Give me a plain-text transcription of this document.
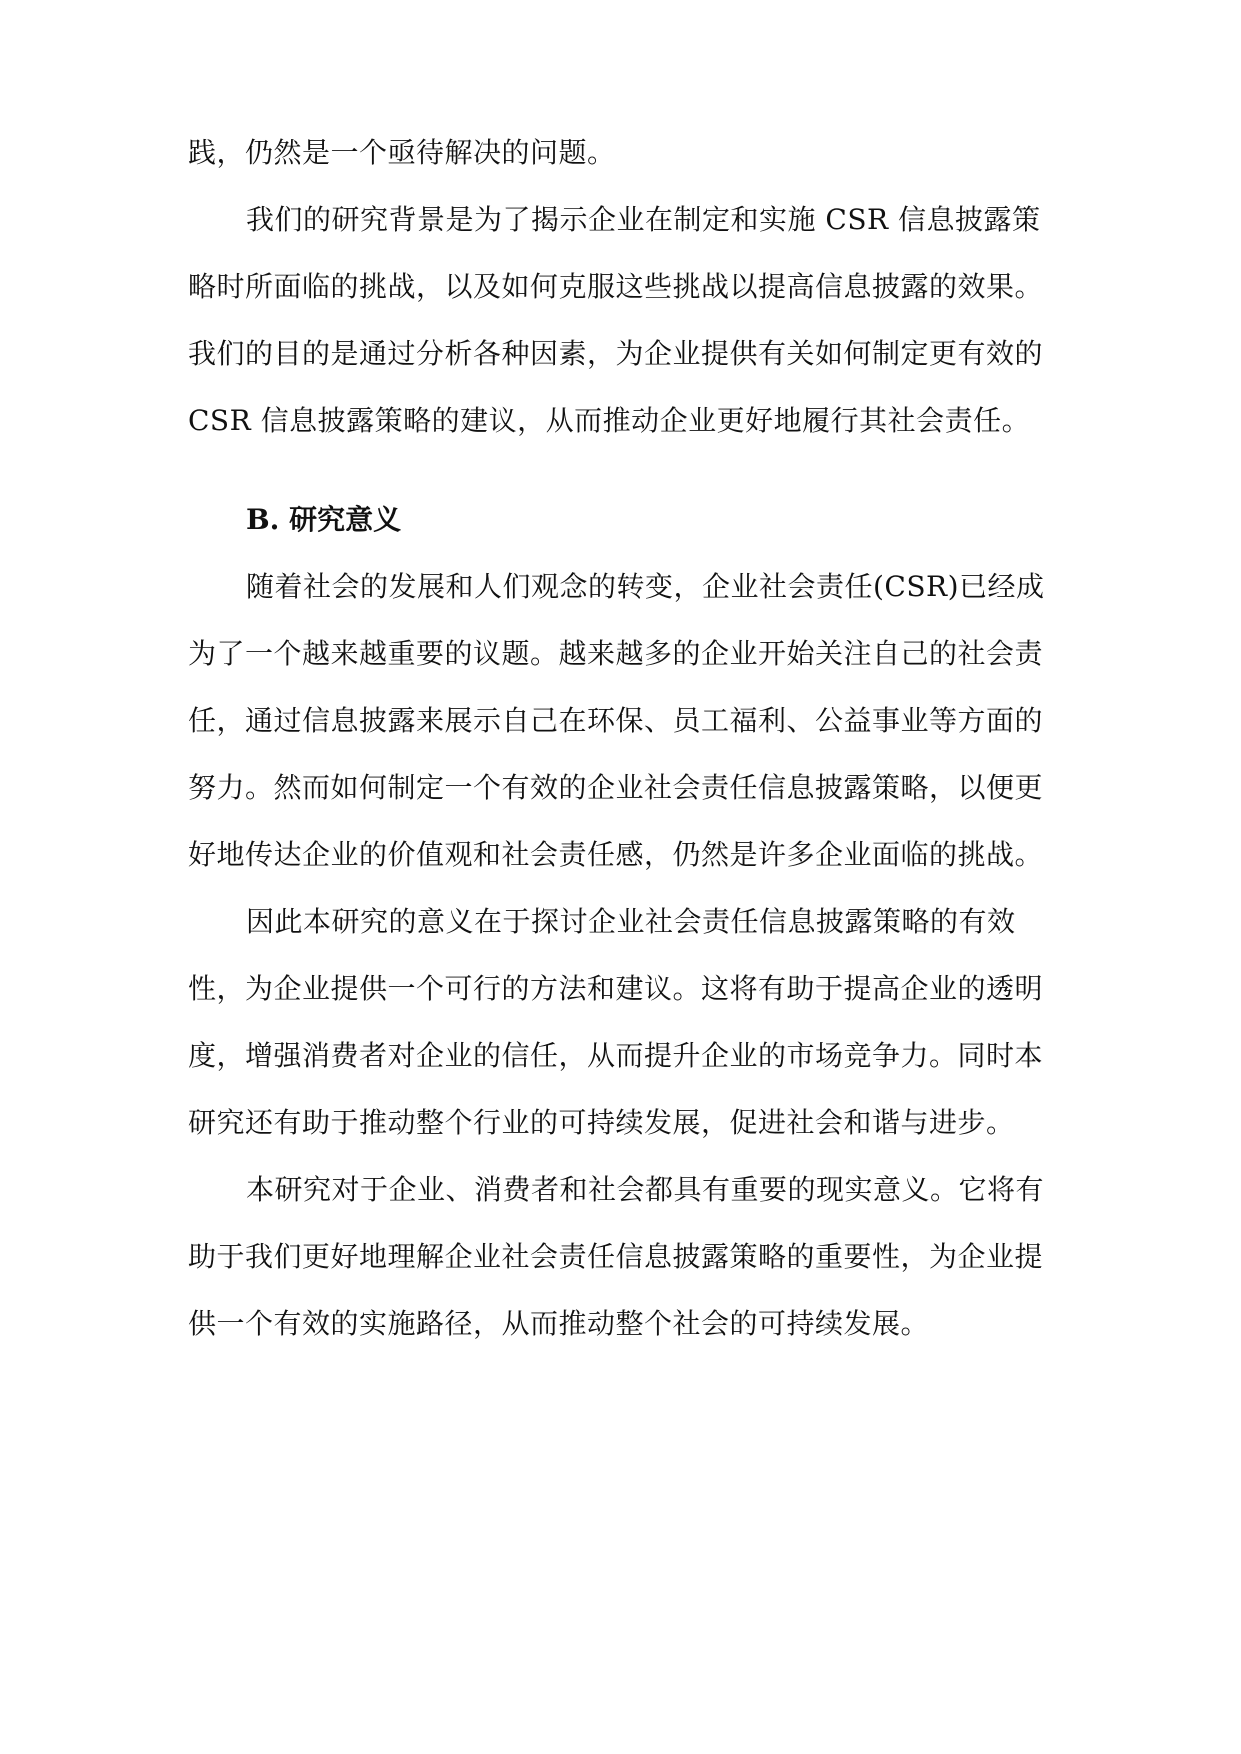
践，仍然是一个亟待解决的问题。
我们的研究背景是为了揭示企业在制定和实施 CSR 信息披露策
略时所面临的挑战，以及如何克服这些挑战以提高信息披露的效果。
我们的目的是通过分析各种因素，为企业提供有关如何制定更有效的
CSR 信息披露策略的建议，从而推动企业更好地履行其社会责任。
B. 研究意义
随着社会的发展和人们观念的转变，企业社会责任(CSR)已经成
为了一个越来越重要的议题。越来越多的企业开始关注自己的社会责
任，通过信息披露来展示自己在环保、员工福利、公益事业等方面的
努力。然而如何制定一个有效的企业社会责任信息披露策略，以便更
好地传达企业的价值观和社会责任感，仍然是许多企业面临的挑战。
因此本研究的意义在于探讨企业社会责任信息披露策略的有效
性，为企业提供一个可行的方法和建议。这将有助于提高企业的透明
度，增强消费者对企业的信任，从而提升企业的市场竞争力。同时本
研究还有助于推动整个行业的可持续发展，促进社会和谐与进步。
本研究对于企业、消费者和社会都具有重要的现实意义。它将有
助于我们更好地理解企业社会责任信息披露策略的重要性，为企业提
供一个有效的实施路径，从而推动整个社会的可持续发展。
